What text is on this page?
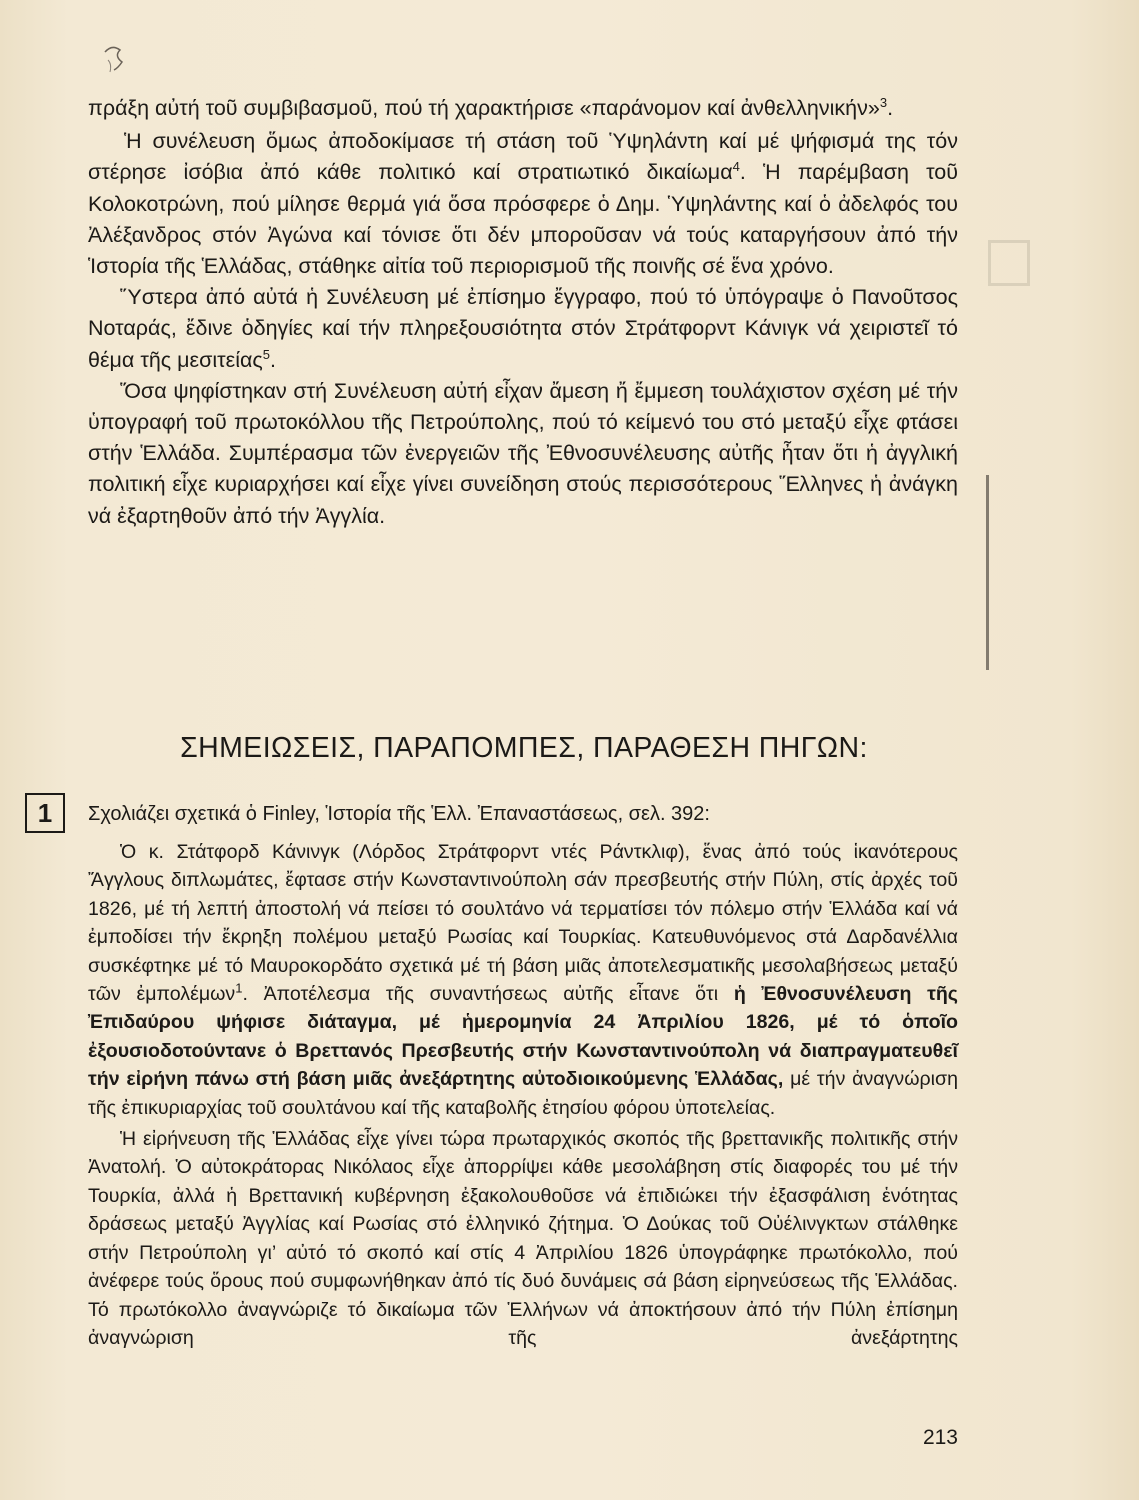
πράξη αὐτή τοῦ συμβιβασμοῦ, πού τή χαρακτήρισε «παράνομον καί ἀνθελληνικήν»$^3$.

Ἡ συνέλευση ὅμως ἀποδοκίμασε τή στάση τοῦ Ὑψηλάντη καί μέ ψήφισμά της τόν στέρησε ἰσόβια ἀπό κάθε πολιτικό καί στρατιωτικό δικαίωμα$^4$. Ἡ παρέμβαση τοῦ Κολοκοτρώνη, πού μίλησε θερμά γιά ὅσα πρόσφερε ὁ Δημ. Ὑψηλάντης καί ὁ ἀδελφός του Ἀλέξανδρος στόν Ἀγώνα καί τόνισε ὅτι δέν μποροῦσαν νά τούς καταργήσουν ἀπό τήν Ἱστορία τῆς Ἑλλάδας, στάθηκε αἰτία τοῦ περιορισμοῦ τῆς ποινῆς σέ ἕνα χρόνο.

Ὕστερα ἀπό αὐτά ἡ Συνέλευση μέ ἐπίσημο ἔγγραφο, πού τό ὑπόγραψε ὁ Πανοῦτσος Νοταράς, ἔδινε ὁδηγίες καί τήν πληρεξουσιότητα στόν Στράτφορντ Κάνιγκ νά χειριστεῖ τό θέμα τῆς μεσιτείας$^5$.

Ὅσα ψηφίστηκαν στή Συνέλευση αὐτή εἶχαν ἄμεση ἤ ἔμμεση τουλάχιστον σχέση μέ τήν ὑπογραφή τοῦ πρωτοκόλλου τῆς Πετρούπολης, πού τό κείμενό του στό μεταξύ εἶχε φτάσει στήν Ἑλλάδα. Συμπέρασμα τῶν ἐνεργειῶν τῆς Ἐθνοσυνέλευσης αὐτῆς ἦταν ὅτι ἡ ἀγγλική πολιτική εἶχε κυριαρχήσει καί εἶχε γίνει συνείδηση στούς περισσότερους Ἕλληνες ἡ ἀνάγκη νά ἐξαρτηθοῦν ἀπό τήν Ἀγγλία.

ΣΗΜΕΙΩΣΕΙΣ, ΠΑΡΑΠΟΜΠΕΣ, ΠΑΡΑΘΕΣΗ ΠΗΓΩΝ:
1	Σχολιάζει σχετικά ὁ Finley, Ἱστορία τῆς Ἑλλ. Ἐπαναστάσεως, σελ. 392:

Ὁ κ. Στάτφορδ Κάνινγκ (Λόρδος Στράτφορντ ντές Ράντκλιφ), ἕνας ἀπό τούς ἱκανότερους Ἄγγλους διπλωμάτες, ἔφτασε στήν Κωνσταντινούπολη σάν πρεσβευτής στήν Πύλη, στίς ἀρχές τοῦ 1826, μέ τή λεπτή ἀποστολή νά πείσει τό σουλτάνο νά τερματίσει τόν πόλεμο στήν Ἑλλάδα καί νά ἐμποδίσει τήν ἔκρηξη πολέμου μεταξύ Ρωσίας καί Τουρκίας. Κατευθυνόμενος στά Δαρδανέλλια συσκέφτηκε μέ τό Μαυροκορδάτο σχετικά μέ τή βάση μιᾶς ἀποτελεσματικῆς μεσολαβήσεως μεταξύ τῶν ἐμπολέμων$^1$. Ἀποτέλεσμα τῆς συναντήσεως αὐτῆς εἶτανε ὅτι ἡ Ἐθνοσυνέλευση τῆς Ἐπιδαύρου ψήφισε διάταγμα, μέ ἡμερομηνία 24 Ἀπριλίου 1826, μέ τό ὁποῖο ἐξουσιοδοτούντανε ὁ Βρεττανός Πρεσβευτής στήν Κωνσταντινούπολη νά διαπραγματευθεῖ τήν εἰρήνη πάνω στή βάση μιᾶς ἀνεξάρτητης αὐτοδιοικούμενης Ἑλλάδας, μέ τήν ἀναγνώριση τῆς ἐπικυριαρχίας τοῦ σουλτάνου καί τῆς καταβολῆς ἐτησίου φόρου ὑποτελείας.

Ἡ εἰρήνευση τῆς Ἑλλάδας εἶχε γίνει τώρα πρωταρχικός σκοπός τῆς βρεττανικῆς πολιτικῆς στήν Ἀνατολή. Ὁ αὐτοκράτορας Νικόλαος εἶχε ἀπορρίψει κάθε μεσολάβηση στίς διαφορές του μέ τήν Τουρκία, ἀλλά ἡ Βρεττανική κυβέρνηση ἐξακολουθοῦσε νά ἐπιδιώκει τήν ἐξασφάλιση ἑνότητας δράσεως μεταξύ Ἀγγλίας καί Ρωσίας στό ἑλληνικό ζήτημα. Ὁ Δούκας τοῦ Οὐέλινγκτων στάλθηκε στήν Πετρούπολη γι’ αὐτό τό σκοπό καί στίς 4 Ἀπριλίου 1826 ὑπογράφηκε πρωτόκολλο, πού ἀνέφερε τούς ὅρους πού συμφωνήθηκαν ἀπό τίς δυό δυνάμεις σά βάση εἰρηνεύσεως τῆς Ἑλλάδας. Τό πρωτόκολλο ἀναγνώριζε τό δικαίωμα τῶν Ἑλλήνων νά ἀποκτήσουν ἀπό τήν Πύλη ἐπίσημη ἀναγνώριση τῆς ἀνεξάρτητης

213
